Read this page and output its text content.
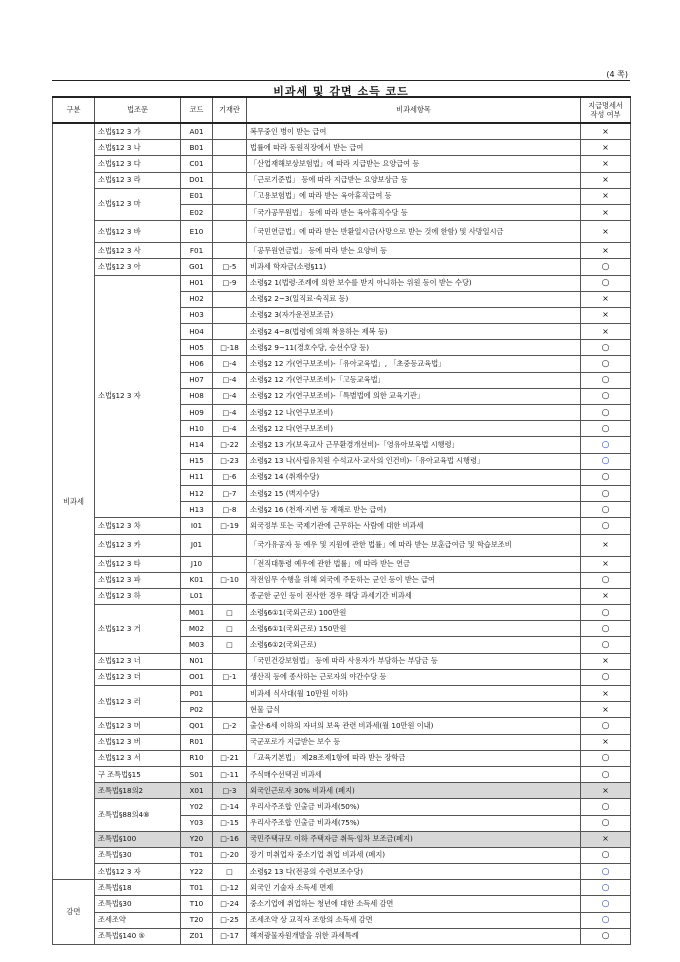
(4 쪽)
비과세 및 감면 소득 코드
구분	법조문	코드	기재란	비과세항목	지급명세서 작성 여부
비과세	소법§12 3 가	A01		복무중인 병이 받는 급여	×
	소법§12 3 나	B01		법률에 따라 동원직장에서 받는 급여	×
	소법§12 3 다	C01		「산업재해보상보험법」에 따라 지급받는 요양급여 등	×
	소법§12 3 라	D01		「근로기준법」 등에 따라 지급받는 요양보상금 등	×
	소법§12 3 마	E01		「고용보험법」에 따라 받는 육아휴직급여 등	×
		E02		「국가공무원법」 등에 따라 받는 육아휴직수당 등	×
	소법§12 3 바	E10		「국민연금법」에 따라 받는 반환일시금(사망으로 받는 것에 한함) 및 사망일시금	×
	소법§12 3 사	F01		「공무원연금법」 등에 따라 받는 요양비 등	×
	소법§12 3 아	G01	□-5	비과세 학자금(소령§11)	○
	소법§12 3 자	H01	□-9	소령§2 1(법령·조례에 의한 보수를 받지 아니하는 위원 등이 받는 수당)	○
		H02		소령§2 2~3(일직료·숙직료 등)	×
		H03		소령§2 3(자가운전보조금)	×
		H04		소령§2 4~8(법령에 의해 착용하는 제복 등)	×
		H05	□-18	소령§2 9~11(경호수당, 승선수당 등)	○
		H06	□-4	소령§2 12 가(연구보조비)-「유아교육법」, 「초중등교육법」	○
		H07	□-4	소령§2 12 가(연구보조비)-「고등교육법」	○
		H08	□-4	소령§2 12 가(연구보조비)-「특별법에 의한 교육기관」	○
		H09	□-4	소령§2 12 나(연구보조비)	○
		H10	□-4	소령§2 12 다(연구보조비)	○
		H14	□-22	소령§2 13 가(보육교사 근무환경개선비)-「영유아보육법 시행령」	○
		H15	□-23	소령§2 13 나(사립유치원 수석교사·교사의 인건비)-「유아교육법 시행령」	○
		H11	□-6	소령§2 14 (취재수당)	○
		H12	□-7	소령§2 15 (벽지수당)	○
		H13	□-8	소령§2 16 (천재·지변 등 재해로 받는 급여)	○
	소법§12 3 차	I01	□-19	외국정부 또는 국제기관에 근무하는 사람에 대한 비과세	○
	소법§12 3 카	J01		「국가유공자 등 예우 및 지원에 관한 법률」에 따라 받는 보훈급여금 및 학습보조비	×
	소법§12 3 타	J10		「전직대통령 예우에 관한 법률」에 따라 받는 연금	×
	소법§12 3 파	K01	□-10	작전임무 수행을 위해 외국에 주둔하는 군인 등이 받는 급여	○
	소법§12 3 하	L01		종군한 군인 등이 전사한 경우 해당 과세기간 비과세	×
	소법§12 3 거	M01	□	소령§6①1(국외근로) 100만원	○
		M02	□	소령§6①1(국외근로) 150만원	○
		M03	□	소령§6①2(국외근로)	○
	소법§12 3 너	N01		「국민건강보험법」 등에 따라 사용자가 부담하는 부담금 등	×
	소법§12 3 더	O01	□-1	생산직 등에 종사하는 근로자의 야간수당 등	○
	소법§12 3 러	P01		비과세 식사대(월 10만원 이하)	×
		P02		현물 급식	×
	소법§12 3 머	Q01	□-2	출산·6세 이하의 자녀의 보육 관련 비과세(월 10만원 이내)	○
	소법§12 3 버	R01		국군포로가 지급받는 보수 등	×
	소법§12 3 서	R10	□-21	「교육기본법」 제28조제1항에 따라 받는 장학금	○
	구 조특법§15	S01	□-11	주식매수선택권 비과세	○
	조특법§18의2	X01	□-3	외국인근로자 30% 비과세 (폐지)	×
	조특법§88의4⑧	Y02	□-14	우리사주조합 인출금 비과세(50%)	○
		Y03	□-15	우리사주조합 인출금 비과세(75%)	○
	조특법§100	Y20	□-16	국민주택규모 이하 주택자금 취득·임차 보조금(폐지)	×
	조특법§30	T01	□-20	장기 미취업자 중소기업 취업 비과세 (폐지)	○
	소법§12 3 자	Y22	□	소령§2 13 다(전공의 수련보조수당)	○
감면	조특법§18	T01	□-12	외국인 기술자 소득세 면제	○
	조특법§30	T10	□-24	중소기업에 취업하는 청년에 대한 소득세 감면	○
	조세조약	T20	□-25	조세조약 상 교직자 조항의 소득세 감면	○
	조특법§140 ⑤	Z01	□-17	해저광물자원개발을 위한 과세특례	○
